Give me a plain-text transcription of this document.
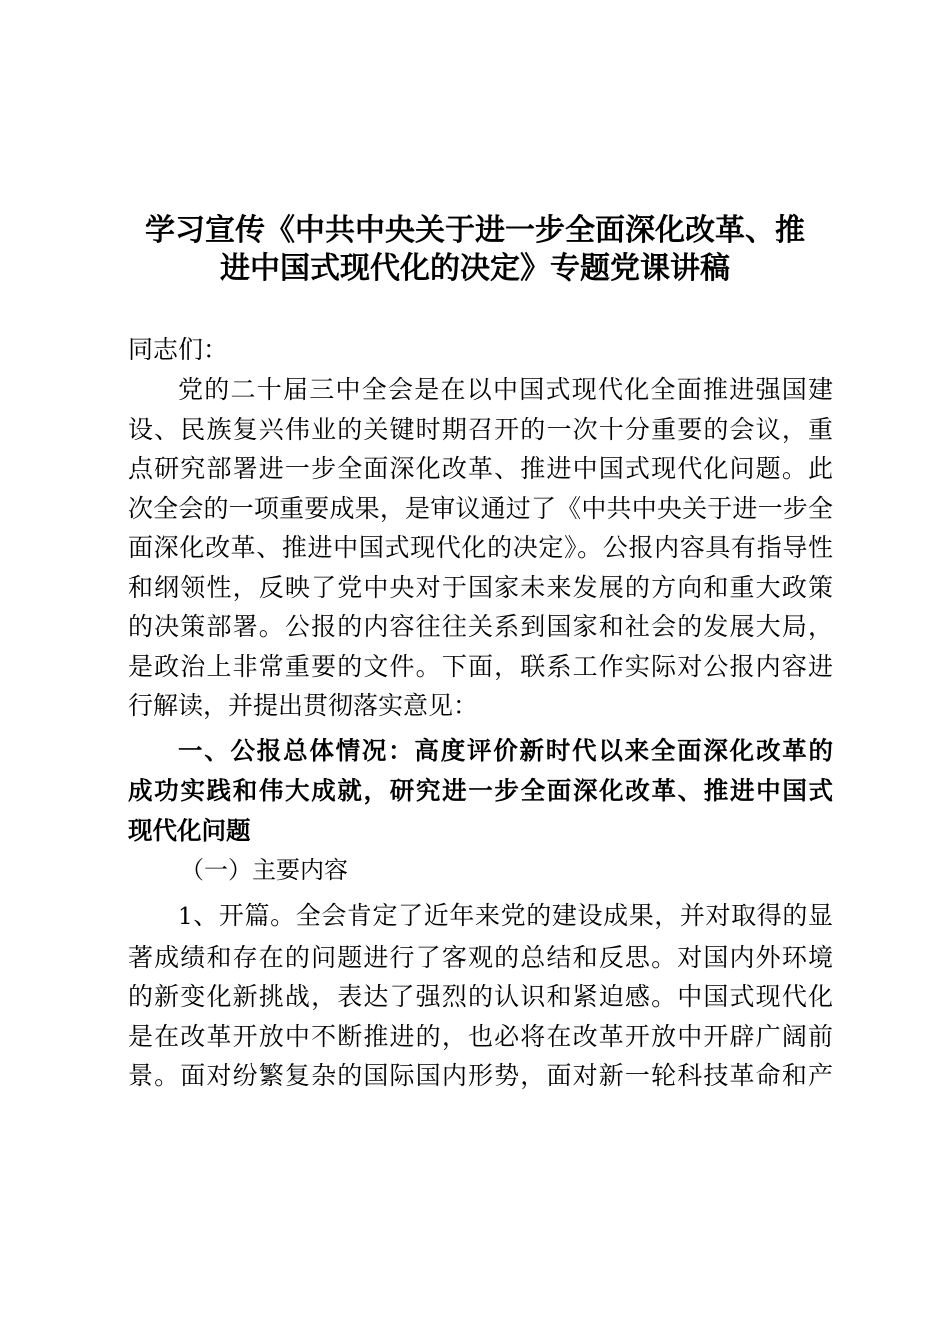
学习宣传《中共中央关于进一步全面深化改革、推
进中国式现代化的决定》专题党课讲稿
同志们：
党的二十届三中全会是在以中国式现代化全面推进强国建
设、民族复兴伟业的关键时期召开的一次十分重要的会议，重
点研究部署进一步全面深化改革、推进中国式现代化问题。此
次全会的一项重要成果，是审议通过了《中共中央关于进一步全
面深化改革、推进中国式现代化的决定》。公报内容具有指导性
和纲领性，反映了党中央对于国家未来发展的方向和重大政策
的决策部署。公报的内容往往关系到国家和社会的发展大局，
是政治上非常重要的文件。下面，联系工作实际对公报内容进
行解读，并提出贯彻落实意见：
一、公报总体情况：高度评价新时代以来全面深化改革的
成功实践和伟大成就，研究进一步全面深化改革、推进中国式
现代化问题
（一）主要内容
1、开篇。全会肯定了近年来党的建设成果，并对取得的显
著成绩和存在的问题进行了客观的总结和反思。对国内外环境
的新变化新挑战，表达了强烈的认识和紧迫感。中国式现代化
是在改革开放中不断推进的，也必将在改革开放中开辟广阔前
景。面对纷繁复杂的国际国内形势，面对新一轮科技革命和产
